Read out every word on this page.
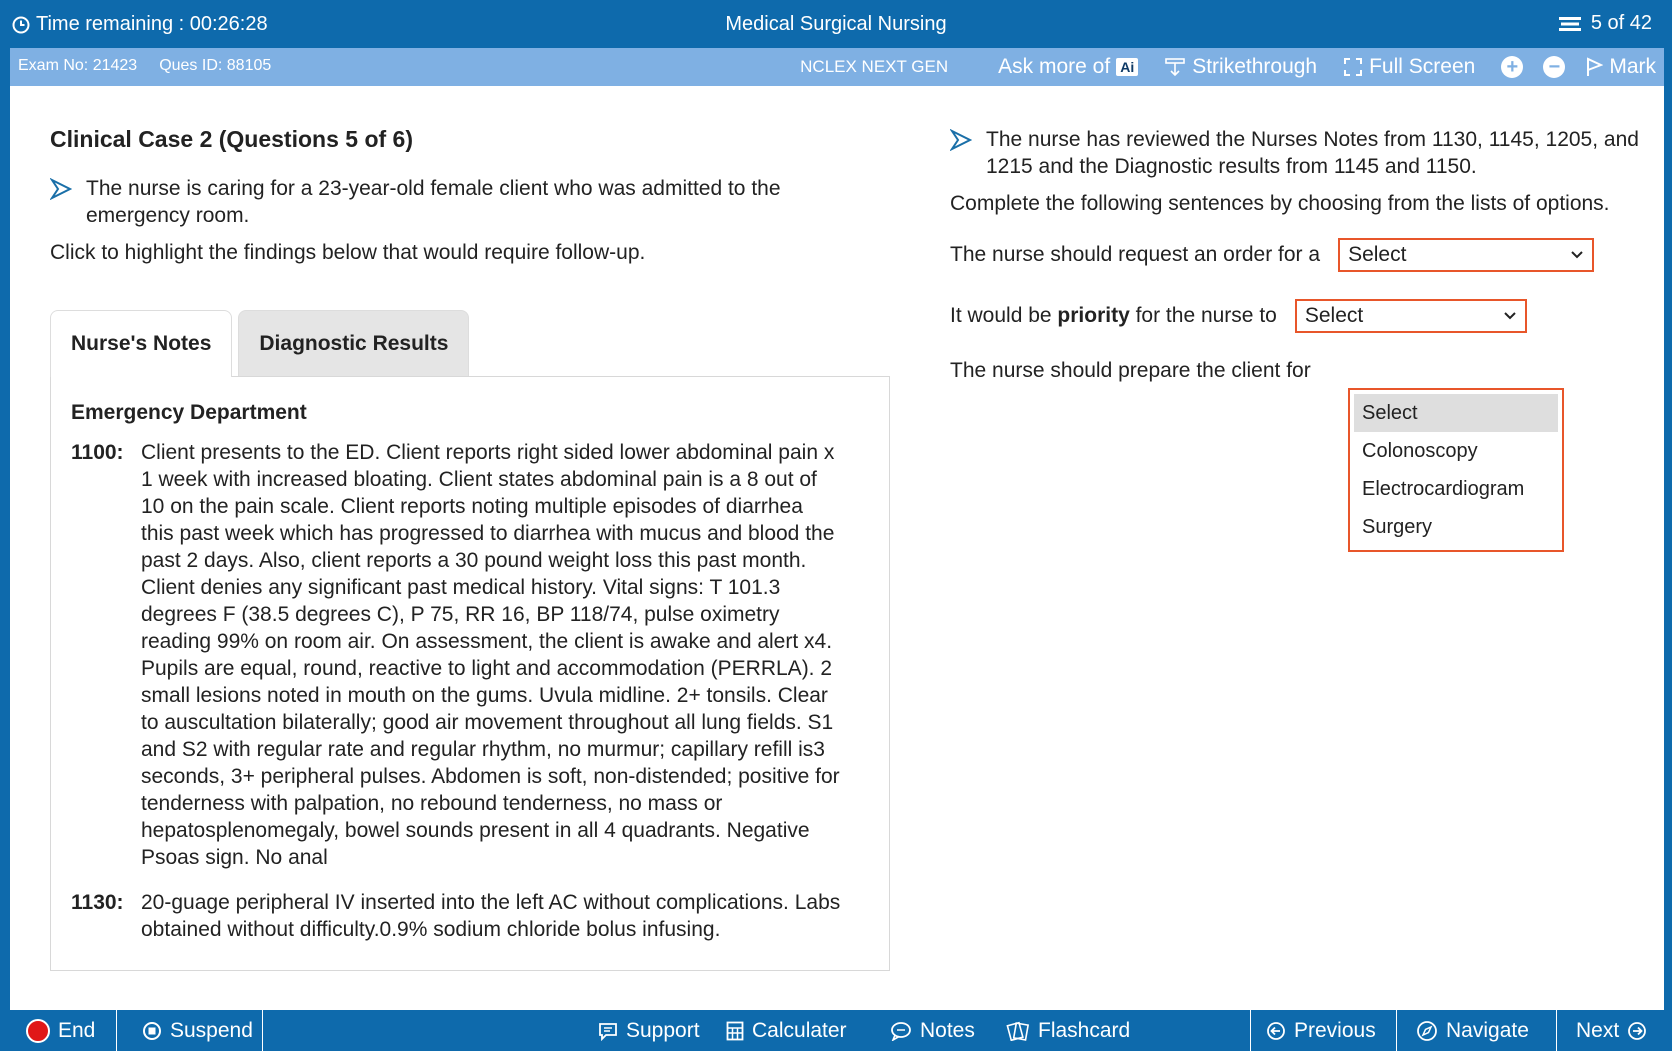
Time remaining : 00:26:28	Medical Surgical Nursing	5 of 42
Exam No: 21423 Ques ID: 88105	NCLEX NEXT GEN Ask more of Ai	Strikethrough Full Screen + − Mark
Clinical Case 2 (Questions 5 of 6)
The nurse is caring for a 23-year-old female client who was admitted to the emergency room.
Click to highlight the findings below that would require follow-up.
Nurse's Notes	Diagnostic Results
Emergency Department
1100: Client presents to the ED. Client reports right sided lower abdominal pain x 1 week with increased bloating. Client states abdominal pain is a 8 out of 10 on the pain scale. Client reports noting multiple episodes of diarrhea this past week which has progressed to diarrhea with mucus and blood the past 2 days. Also, client reports a 30 pound weight loss this past month. Client denies any significant past medical history. Vital signs: T 101.3 degrees F (38.5 degrees C), P 75, RR 16, BP 118/74, pulse oximetry reading 99% on room air. On assessment, the client is awake and alert x4. Pupils are equal, round, reactive to light and accommodation (PERRLA). 2 small lesions noted in mouth on the gums. Uvula midline. 2+ tonsils. Clear to auscultation bilaterally; good air movement throughout all lung fields. S1 and S2 with regular rate and regular rhythm, no murmur; capillary refill is3 seconds, 3+ peripheral pulses. Abdomen is soft, non-distended; positive for tenderness with palpation, no rebound tenderness, no mass or hepatosplenomegaly, bowel sounds present in all 4 quadrants. Negative Psoas sign. No anal
1130: 20-guage peripheral IV inserted into the left AC without complications. Labs obtained without difficulty.0.9% sodium chloride bolus infusing.
The nurse has reviewed the Nurses Notes from 1130, 1145, 1205, and 1215 and the Diagnostic results from 1145 and 1150.
Complete the following sentences by choosing from the lists of options.
The nurse should request an order for a Select
It would be priority for the nurse to Select
The nurse should prepare the client for
Select
Colonoscopy
Electrocardiogram
Surgery
End	Suspend	Support Calculater	Notes	Flashcard	Previous	Navigate Next
